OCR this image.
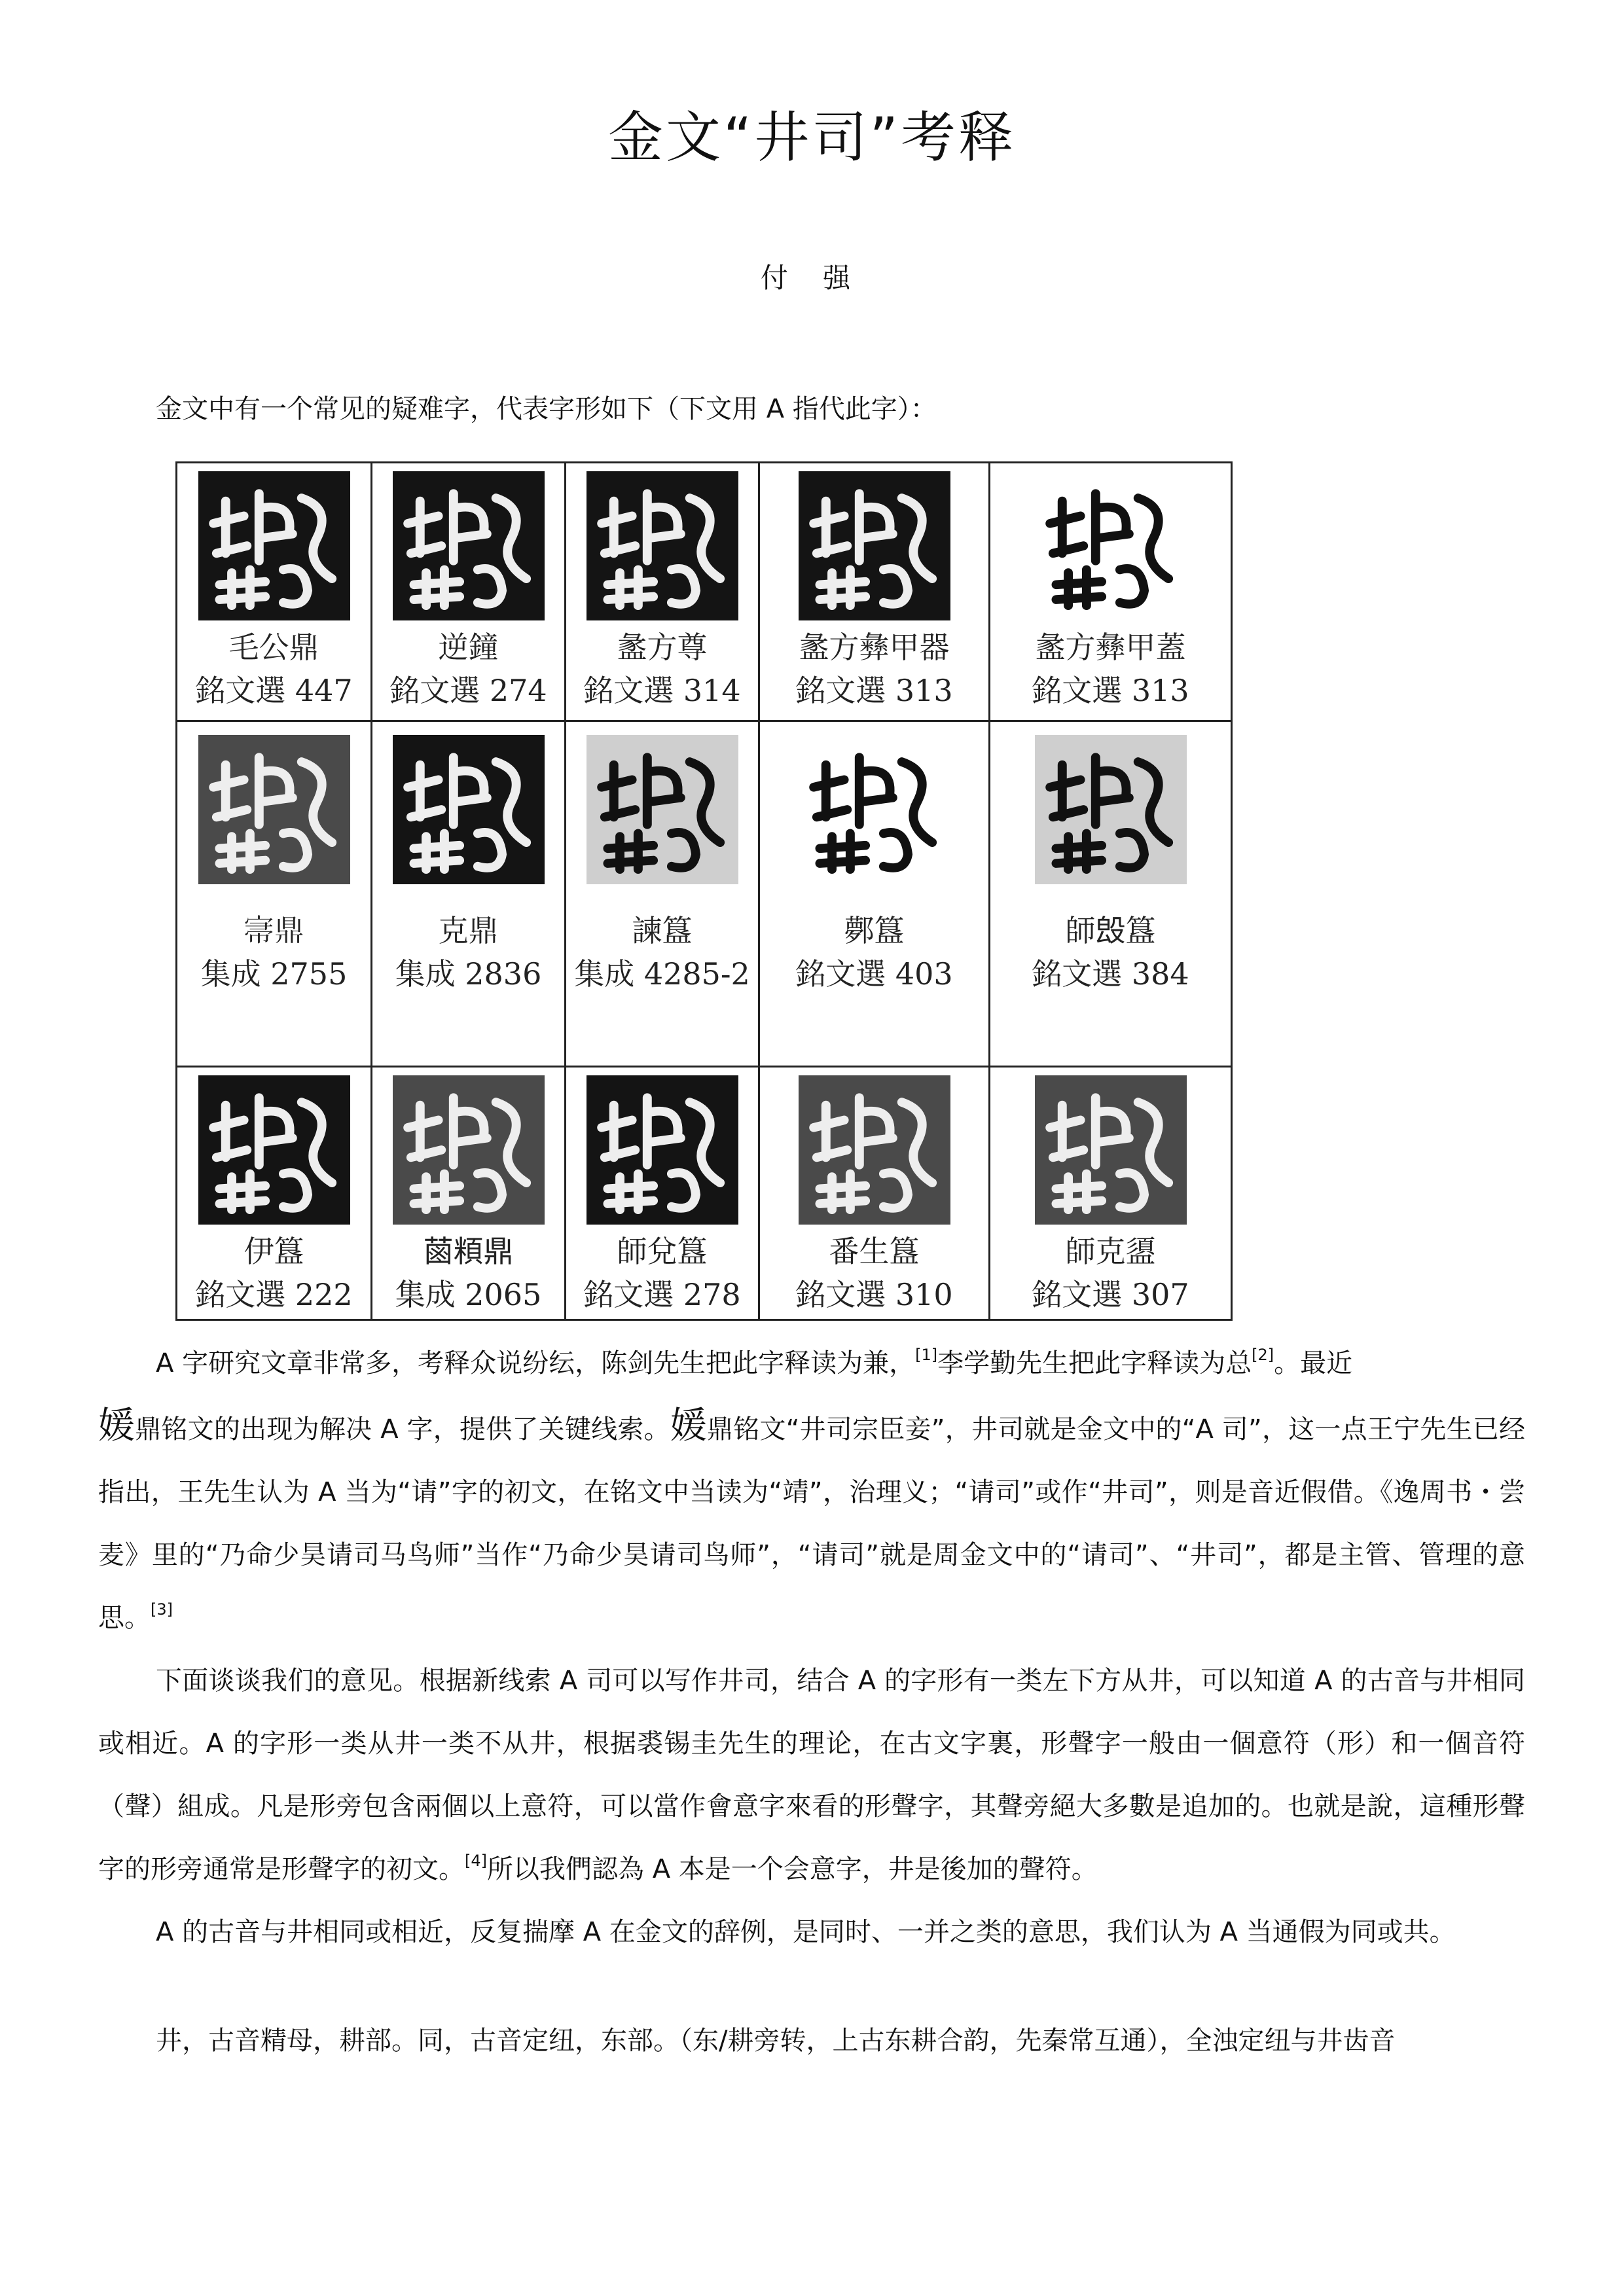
金文“井司”考释
付 强
金文中有一个常见的疑难字，代表字形如下（下文用 A 指代此字）：
毛公鼎
銘文選 447
逆鐘
銘文選 274
盠方尊
銘文選 314
盠方彝甲器
銘文選 313
盠方彝甲蓋
銘文選 313
𡨦鼎
集成 2755
克鼎
集成 2836
諫簋
集成 4285-2
鄸簋
銘文選 403
師𣪕簋
銘文選 384
伊簋
銘文選 222
𦳊頪鼎
集成 2065
師兌簋
銘文選 278
番生簋
銘文選 310
師克盨
銘文選 307

A 字研究文章非常多，考释众说纷纭，陈剑先生把此字释读为兼，[1]李学勤先生把此字释读为总[2]。最近

媛鼎铭文的出现为解决 A 字，提供了关键线索。媛鼎铭文“井司宗臣妾”，井司就是金文中的“A 司”，这一点王宁先生已经指出，王先生认为 A 当为“请”字的初文，在铭文中当读为“靖”，治理义；“请司”或作“井司”，则是音近假借。《逸周书・尝麦》里的“乃命少昊请司马鸟师”当作“乃命少昊请司鸟师”，“请司”就是周金文中的“请司”、“井司”，都是主管、管理的意思。[3]

下面谈谈我们的意见。根据新线索 A 司可以写作井司，结合 A 的字形有一类左下方从井，可以知道 A 的古音与井相同或相近。A 的字形一类从井一类不从井，根据裘锡圭先生的理论，在古文字裏，形聲字一般由一個意符（形）和一個音符（聲）組成。凡是形旁包含兩個以上意符，可以當作會意字來看的形聲字，其聲旁絕大多數是追加的。也就是說，這種形聲字的形旁通常是形聲字的初文。[4]所以我們認為 A 本是一个会意字，井是後加的聲符。

A 的古音与井相同或相近，反复揣摩 A 在金文的辞例，是同时、一并之类的意思，我们认为 A 当通假为同或共。

井，古音精母，耕部。同，古音定纽，东部。（东/耕旁转，上古东耕合韵，先秦常互通），全浊定纽与井齿音
